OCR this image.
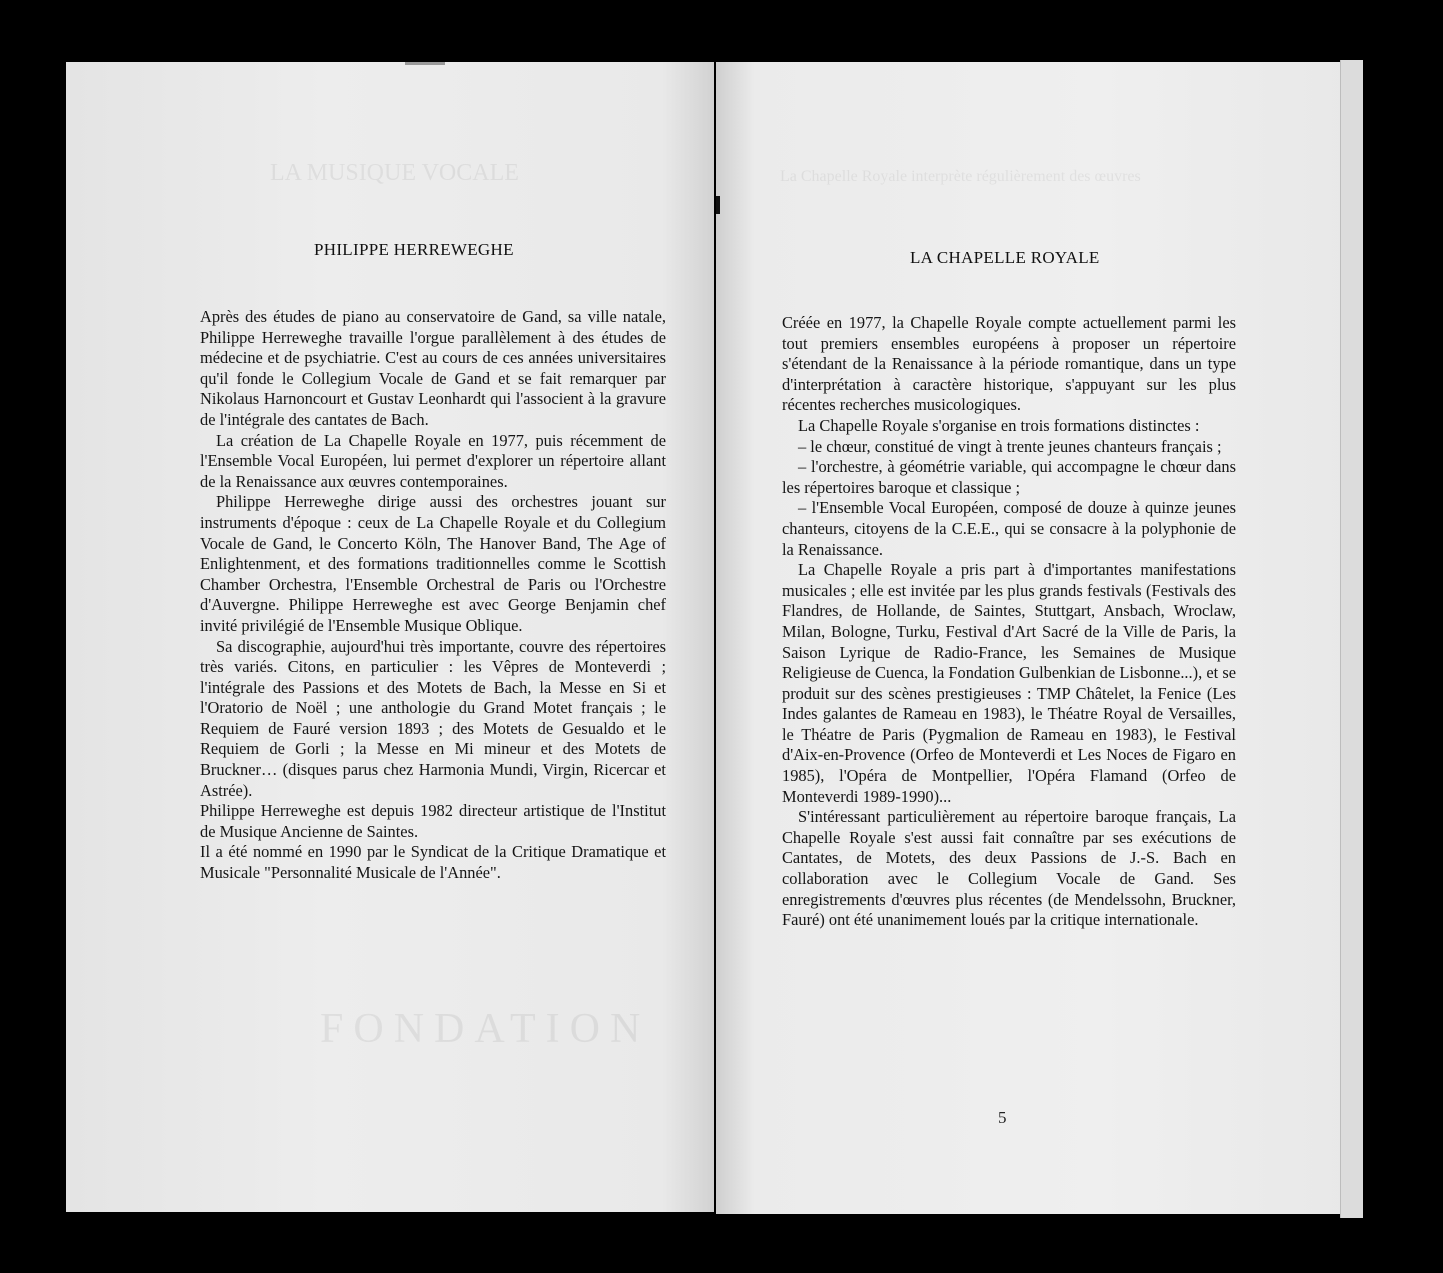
PHILIPPE HERREWEGHE

Après des études de piano au conservatoire de Gand, sa ville natale, Philippe Herreweghe travaille l'orgue parallèlement à des études de médecine et de psychiatrie. C'est au cours de ces années universitaires qu'il fonde le Collegium Vocale de Gand et se fait remarquer par Nikolaus Harnoncourt et Gustav Leonhardt qui l'associent à la gravure de l'intégrale des cantates de Bach.

La création de La Chapelle Royale en 1977, puis récemment de l'Ensemble Vocal Européen, lui permet d'explorer un répertoire allant de la Renaissance aux œuvres contemporaines.

Philippe Herreweghe dirige aussi des orchestres jouant sur instruments d'époque : ceux de La Chapelle Royale et du Collegium Vocale de Gand, le Concerto Köln, The Hanover Band, The Age of Enlightenment, et des formations traditionnelles comme le Scottish Chamber Orchestra, l'Ensemble Orchestral de Paris ou l'Orchestre d'Auvergne. Philippe Herreweghe est avec George Benjamin chef invité privilégié de l'Ensemble Musique Oblique.

Sa discographie, aujourd'hui très importante, couvre des répertoires très variés. Citons, en particulier : les Vêpres de Monteverdi ; l'intégrale des Passions et des Motets de Bach, la Messe en Si et l'Oratorio de Noël ; une anthologie du Grand Motet français ; le Requiem de Fauré version 1893 ; des Motets de Gesualdo et le Requiem de Gorli ; la Messe en Mi mineur et des Motets de Bruckner… (disques parus chez Harmonia Mundi, Virgin, Ricercar et Astrée).

Philippe Herreweghe est depuis 1982 directeur artistique de l'Institut de Musique Ancienne de Saintes.

Il a été nommé en 1990 par le Syndicat de la Critique Dramatique et Musicale "Personnalité Musicale de l'Année".

LA CHAPELLE ROYALE

Créée en 1977, la Chapelle Royale compte actuellement parmi les tout premiers ensembles européens à proposer un répertoire s'étendant de la Renaissance à la période romantique, dans un type d'interprétation à caractère historique, s'appuyant sur les plus récentes recherches musicologiques.

La Chapelle Royale s'organise en trois formations distinctes :

– le chœur, constitué de vingt à trente jeunes chanteurs français ;

– l'orchestre, à géométrie variable, qui accompagne le chœur dans les répertoires baroque et classique ;

– l'Ensemble Vocal Européen, composé de douze à quinze jeunes chanteurs, citoyens de la C.E.E., qui se consacre à la polyphonie de la Renaissance.

La Chapelle Royale a pris part à d'importantes manifestations musicales ; elle est invitée par les plus grands festivals (Festivals des Flandres, de Hollande, de Saintes, Stuttgart, Ansbach, Wroclaw, Milan, Bologne, Turku, Festival d'Art Sacré de la Ville de Paris, la Saison Lyrique de Radio-France, les Semaines de Musique Religieuse de Cuenca, la Fondation Gulbenkian de Lisbonne...), et se produit sur des scènes prestigieuses : TMP Châtelet, la Fenice (Les Indes galantes de Rameau en 1983), le Théatre Royal de Versailles, le Théatre de Paris (Pygmalion de Rameau en 1983), le Festival d'Aix-en-Provence (Orfeo de Monteverdi et Les Noces de Figaro en 1985), l'Opéra de Montpellier, l'Opéra Flamand (Orfeo de Monteverdi 1989-1990)...

S'intéressant particulièrement au répertoire baroque français, La Chapelle Royale s'est aussi fait connaître par ses exécutions de Cantates, de Motets, des deux Passions de J.-S. Bach en collaboration avec le Collegium Vocale de Gand. Ses enregistrements d'œuvres plus récentes (de Mendelssohn, Bruckner, Fauré) ont été unanimement loués par la critique internationale.

5
